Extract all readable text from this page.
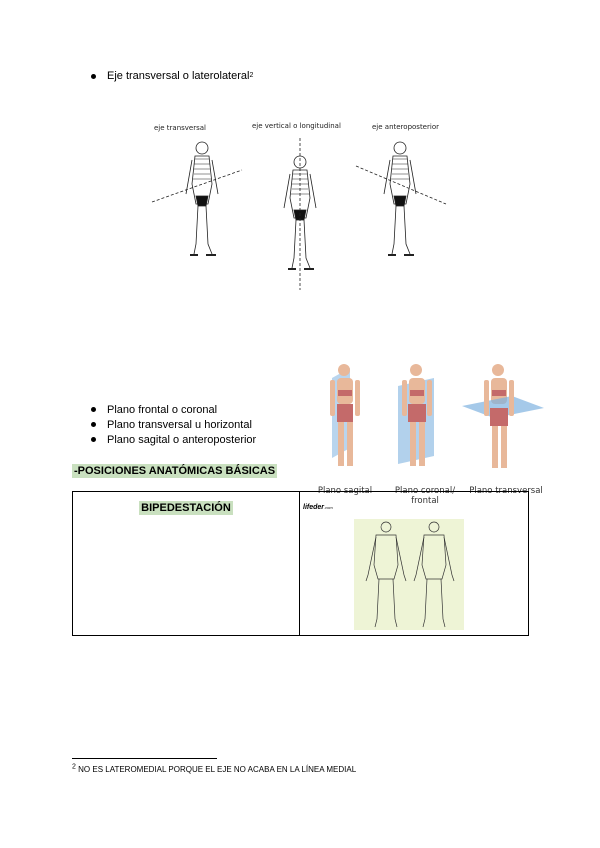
Eje transversal o laterolateral 2
eje transversal	eje vertical o longitudinal	eje anteroposterior
Plano frontal o coronal
Plano transversal u horizontal
Plano sagital o anteroposterior
Plano sagital	Plano coronal/ frontal
Plano transversal
-POSICIONES ANATÓMICAS BÁSICAS
BIPEDESTACIÓN	lifeder.com
2 NO ES LATEROMEDIAL PORQUE EL EJE NO ACABA EN LA LÍNEA MEDIAL
